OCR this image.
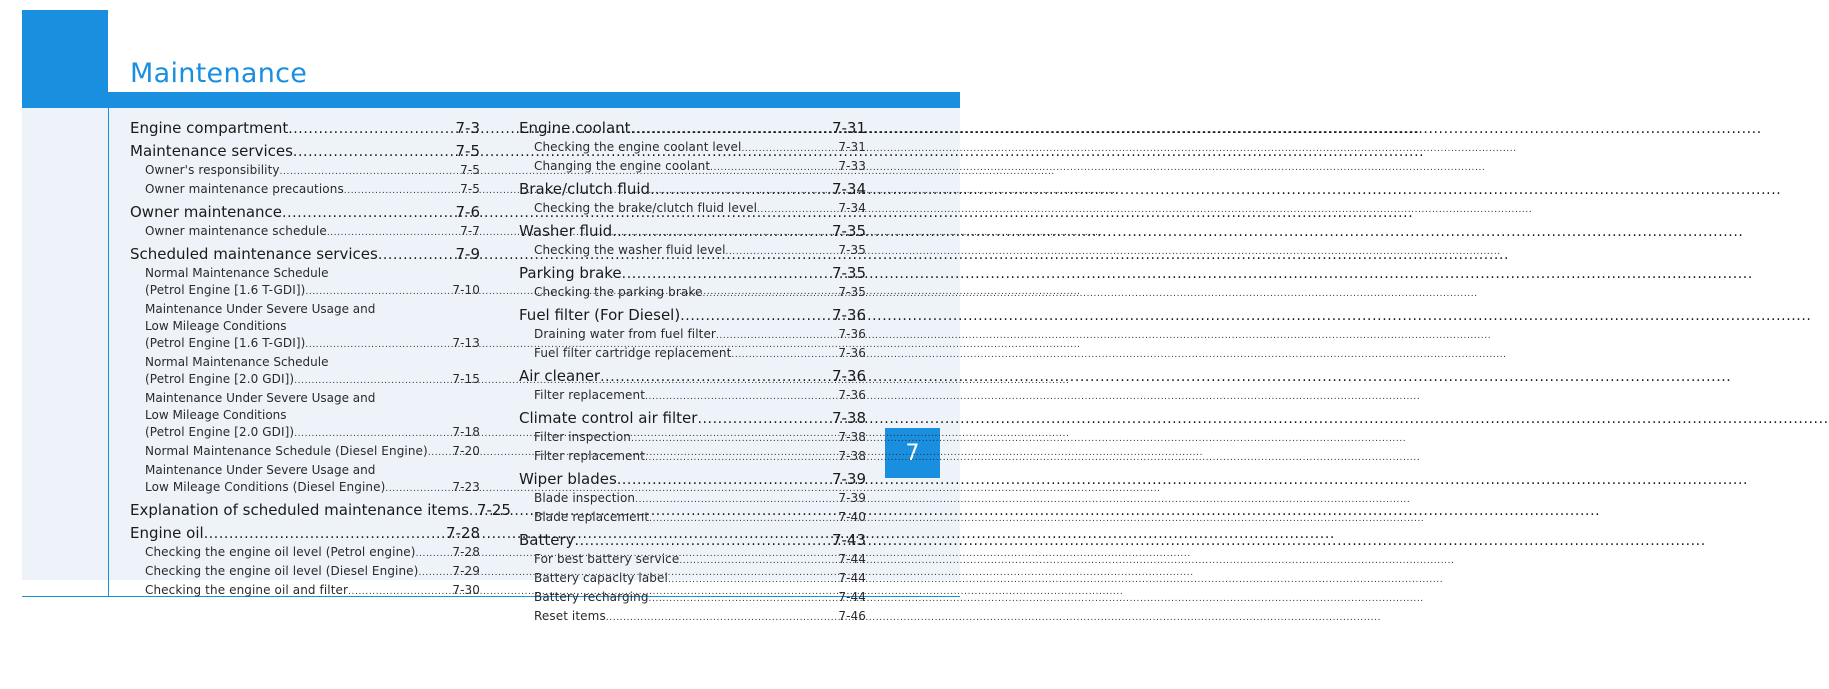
Maintenance
7
Engine compartment .....	7-3
Maintenance services .....	7-5
Owner's responsibility .....	7-5
Owner maintenance precautions .....	7-5
Owner maintenance .....	7-6
Owner maintenance schedule .....	7-7
Scheduled maintenance services .....	7-9
Normal Maintenance Schedule
(Petrol Engine [1.6 T-GDI]) .....	7-10
Maintenance Under Severe Usage and
Low Mileage Conditions
(Petrol Engine [1.6 T-GDI]) .....	7-13
Normal Maintenance Schedule
(Petrol Engine [2.0 GDI]) .....	7-15
Maintenance Under Severe Usage and
Low Mileage Conditions
(Petrol Engine [2.0 GDI]) .....	7-18
Normal Maintenance Schedule (Diesel Engine) ..... 7-20
Maintenance Under Severe Usage and
Low Mileage Conditions (Diesel Engine) .....	7-23
Explanation of scheduled maintenance items ..... 7-25
Engine oil .....	7-28
Checking the engine oil level (Petrol engine) .....	7-28
Checking the engine oil level (Diesel Engine) .....	7-29
Checking the engine oil and filter .....	7-30
Engine coolant .....	7-31
Checking the engine coolant level .....	7-31
Changing the engine coolant .....	7-33
Brake/clutch fluid .....	7-34
Checking the brake/clutch fluid level .....	7-34
Washer fluid .....	7-35
Checking the washer fluid level .....	7-35
Parking brake .....	7-35
Checking the parking brake .....	7-35
Fuel filter (For Diesel) .....	7-36
Draining water from fuel filter .....	7-36
Fuel filter cartridge replacement .....	7-36
Air cleaner .....	7-36
Filter replacement .....	7-36
Climate control air filter .....	7-38
Filter inspection .....	7-38
Filter replacement .....	7-38
Wiper blades .....	7-39
Blade inspection .....	7-39
Blade replacement .....	7-40
Battery .....	7-43
For best battery service .....	7-44
Battery capacity label .....	7-44
Battery recharging .....	7-44
Reset items .....	7-46
